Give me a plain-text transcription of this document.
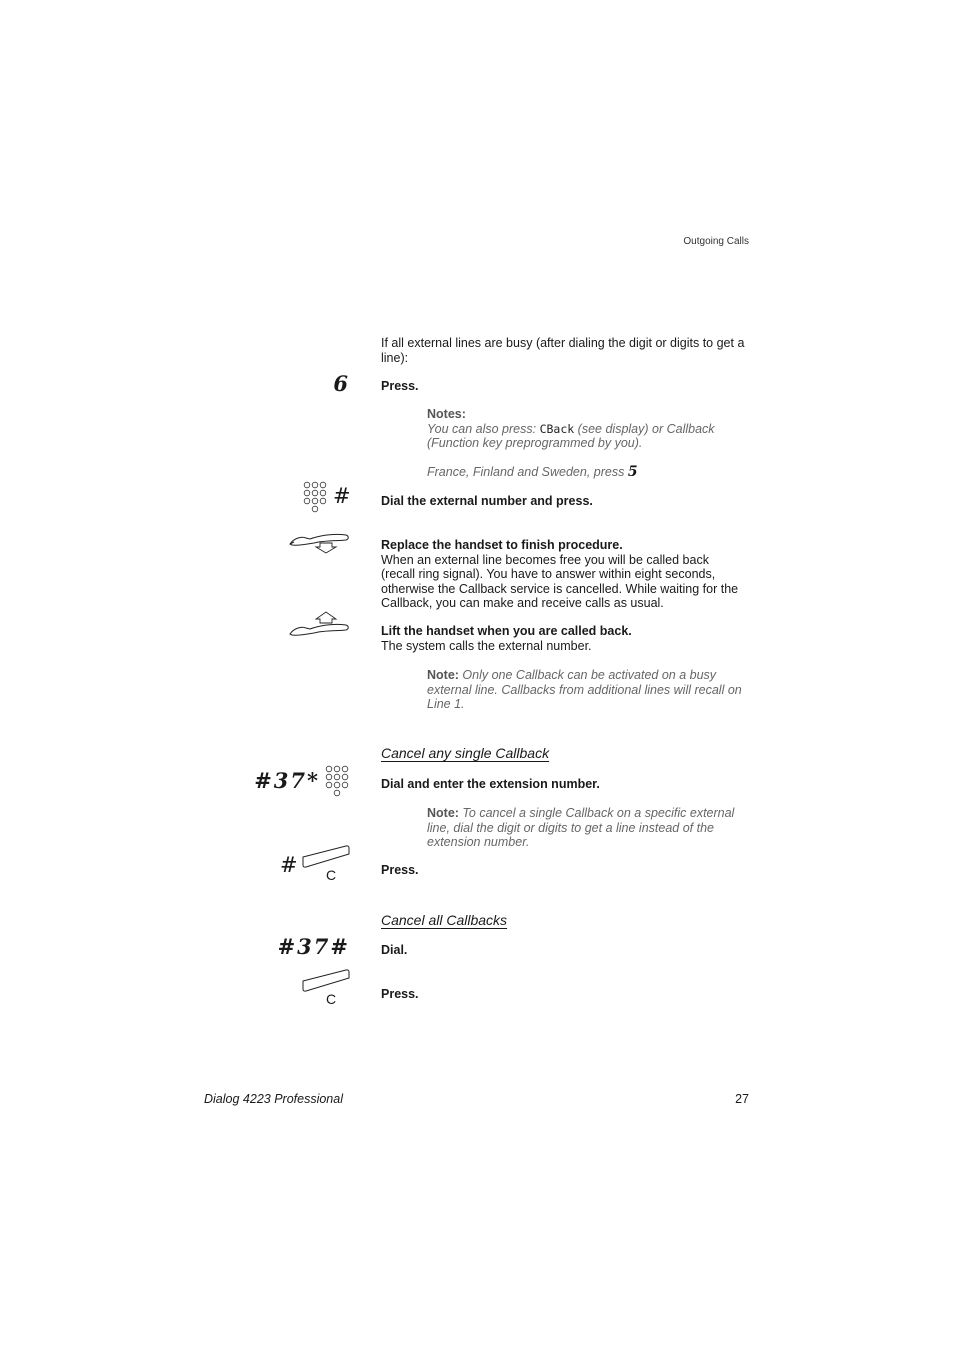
Outgoing Calls
If all external lines are busy (after dialing the digit or digits to get a line):
6 Press.
Notes:
You can also press: CBack (see display) or Callback (Function key preprogrammed by you).
France, Finland and Sweden, press 5
# Dial the external number and press.
Replace the handset to finish procedure.
When an external line becomes free you will be called back (recall ring signal). You have to answer within eight seconds, otherwise the Callback service is cancelled. While waiting for the Callback, you can make and receive calls as usual.
Lift the handset when you are called back.
The system calls the external number.
Note: Only one Callback can be activated on a busy external line. Callbacks from additional lines will recall on Line 1.
Cancel any single Callback
#37*	Dial and enter the extension number.
Note: To cancel a single Callback on a specific external line, dial the digit or digits to get a line instead of the extension number.
# C	Press.
Cancel all Callbacks
#37# Dial.
C	Press.
Dialog 4223 Professional	27
